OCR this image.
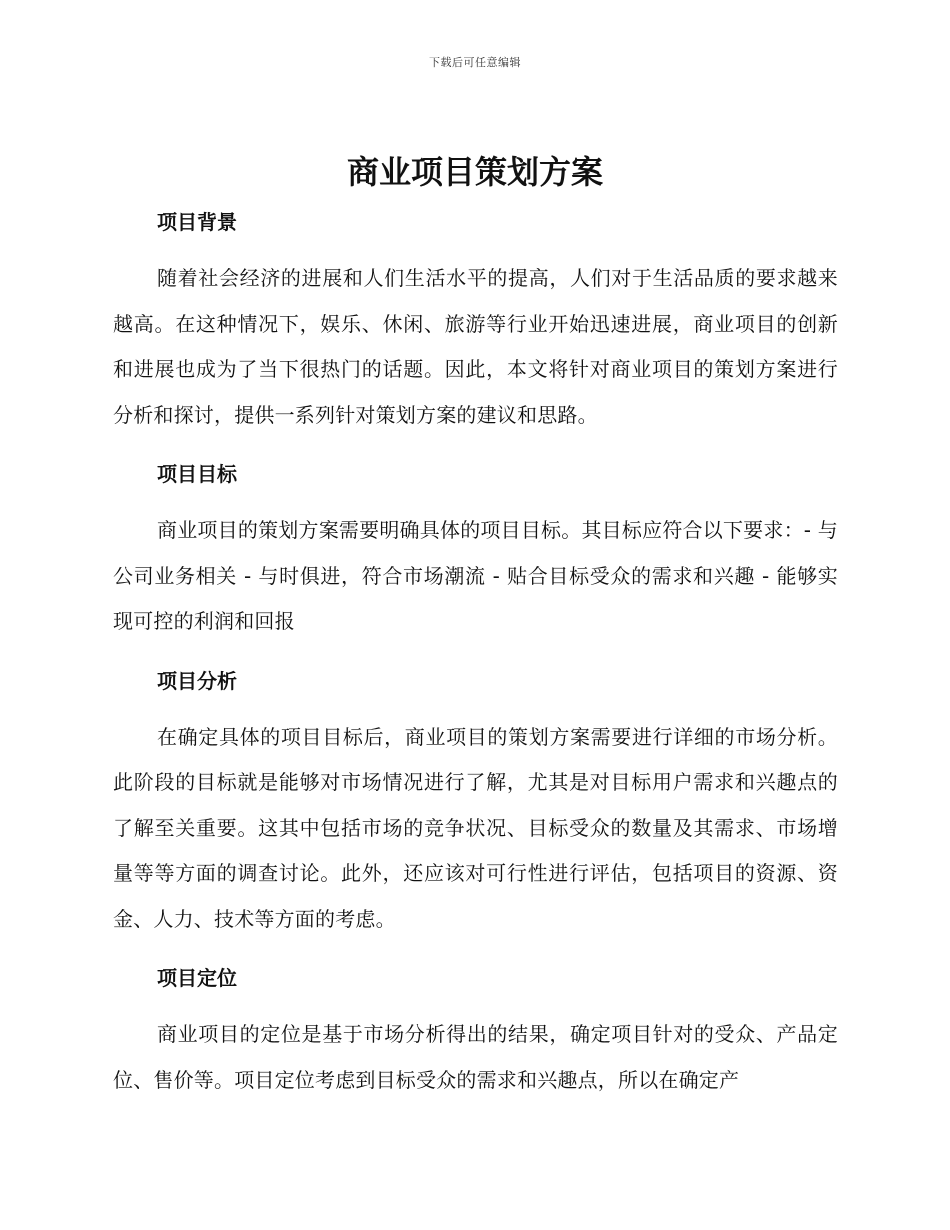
下载后可任意编辑
商业项目策划方案
项目背景

随着社会经济的进展和人们生活水平的提高，人们对于生活品质的要求越来越高。在这种情况下，娱乐、休闲、旅游等行业开始迅速进展，商业项目的创新和进展也成为了当下很热门的话题。因此，本文将针对商业项目的策划方案进行分析和探讨，提供一系列针对策划方案的建议和思路。

项目目标

商业项目的策划方案需要明确具体的项目目标。其目标应符合以下要求：- 与公司业务相关 - 与时俱进，符合市场潮流 - 贴合目标受众的需求和兴趣 - 能够实现可控的利润和回报

项目分析

在确定具体的项目目标后，商业项目的策划方案需要进行详细的市场分析。此阶段的目标就是能够对市场情况进行了解，尤其是对目标用户需求和兴趣点的了解至关重要。这其中包括市场的竞争状况、目标受众的数量及其需求、市场增量等等方面的调查讨论。此外，还应该对可行性进行评估，包括项目的资源、资金、人力、技术等方面的考虑。

项目定位

商业项目的定位是基于市场分析得出的结果，确定项目针对的受众、产品定位、售价等。项目定位考虑到目标受众的需求和兴趣点，所以在确定产
